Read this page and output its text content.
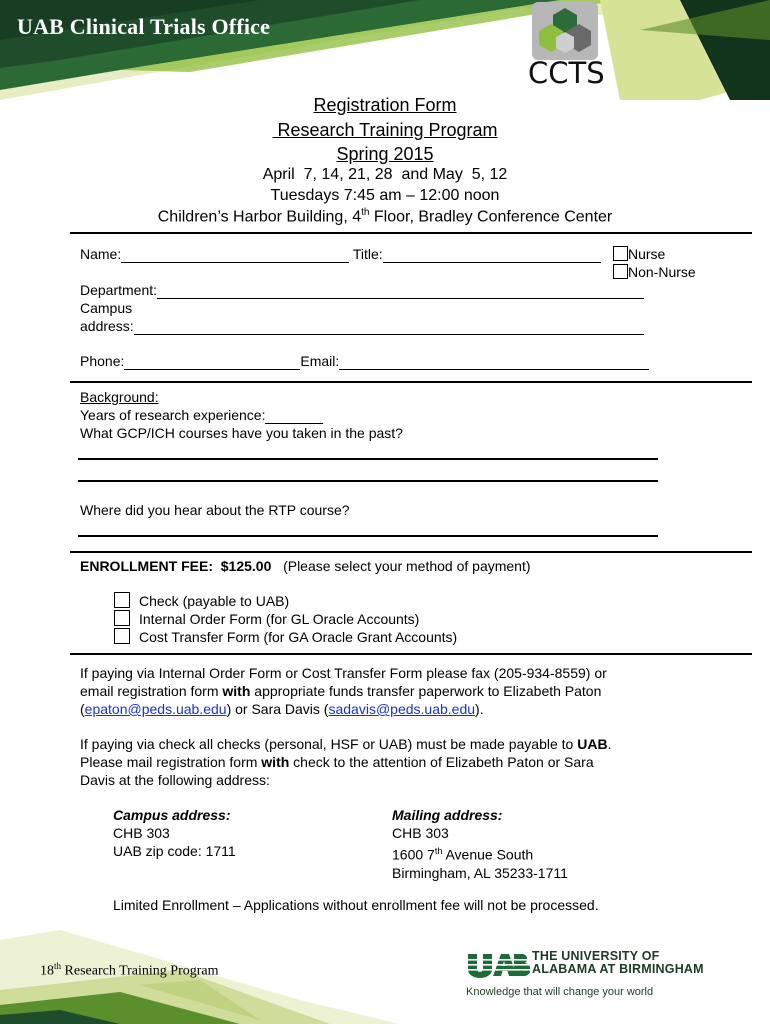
UAB Clinical Trials Office
CCTS
Registration Form
Research Training Program
Spring 2015
April  7, 14, 21, 28  and May  5, 12
Tuesdays 7:45 am – 12:00 noon
Children’s Harbor Building, 4th Floor, Bradley Conference Center
Name:	Title:	Nurse
Non-Nurse
Department:
Campus
address:
Phone:	Email:
Background:
Years of research experience:
What GCP/ICH courses have you taken in the past?
Where did you hear about the RTP course?
ENROLLMENT FEE:  $125.00 (Please select your method of payment)
Check (payable to UAB)
Internal Order Form (for GL Oracle Accounts)
Cost Transfer Form (for GA Oracle Grant Accounts)
If paying via Internal Order Form or Cost Transfer Form please fax (205-934-8559) or
email registration form with appropriate funds transfer paperwork to Elizabeth Paton
(epaton@peds.uab.edu) or Sara Davis (sadavis@peds.uab.edu).
If paying via check all checks (personal, HSF or UAB) must be made payable to UAB.
Please mail registration form with check to the attention of Elizabeth Paton or Sara
Davis at the following address:
Campus address:
CHB 303
UAB zip code: 1711
Mailing address:
CHB 303
1600 7th Avenue South
Birmingham, AL 35233-1711
Limited Enrollment – Applications without enrollment fee will not be processed.
18th Research Training Program
THE UNIVERSITY OF
ALABAMA AT BIRMINGHAM
Knowledge that will change your world
